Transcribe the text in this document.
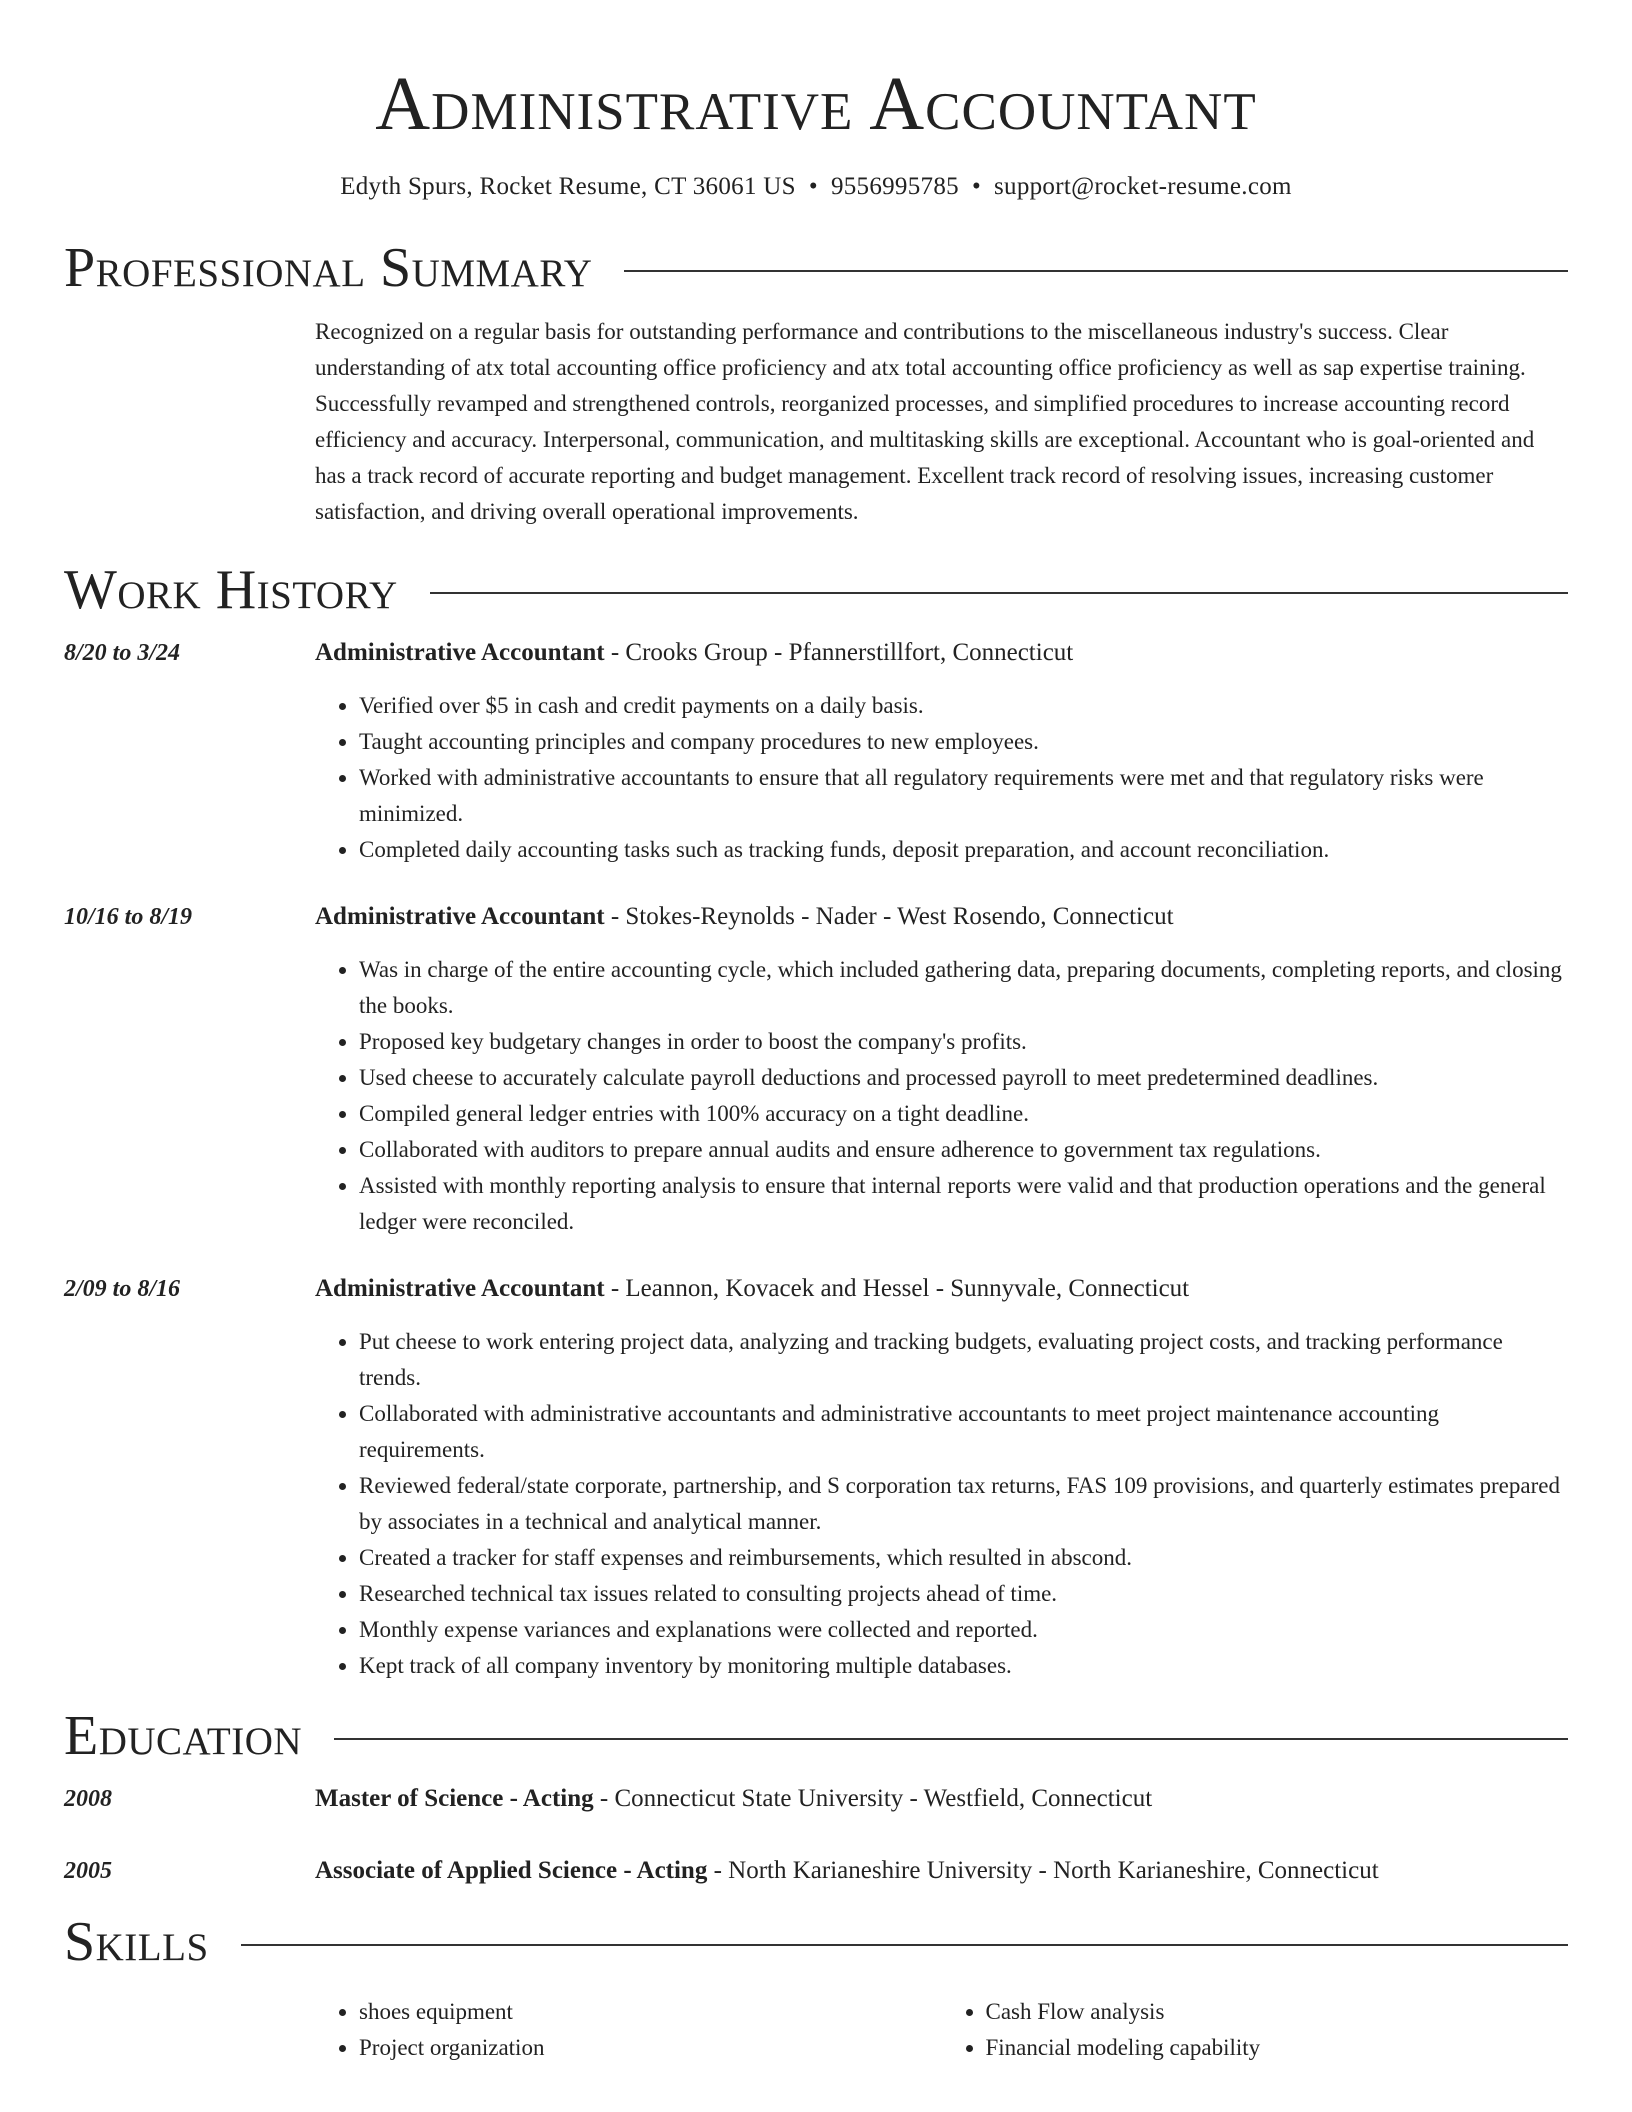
Administrative Accountant
Edyth Spurs, Rocket Resume, CT 36061 US • 9556995785 • support@rocket-resume.com
Professional Summary
Recognized on a regular basis for outstanding performance and contributions to the miscellaneous industry's success. Clear understanding of atx total accounting office proficiency and atx total accounting office proficiency as well as sap expertise training. Successfully revamped and strengthened controls, reorganized processes, and simplified procedures to increase accounting record efficiency and accuracy. Interpersonal, communication, and multitasking skills are exceptional. Accountant who is goal-oriented and has a track record of accurate reporting and budget management. Excellent track record of resolving issues, increasing customer satisfaction, and driving overall operational improvements.
Work History
8/20 to 3/24	Administrative Accountant - Crooks Group - Pfannerstillfort, Connecticut
• Verified over $5 in cash and credit payments on a daily basis.
• Taught accounting principles and company procedures to new employees.
• Worked with administrative accountants to ensure that all regulatory requirements were met and that regulatory risks were minimized.
• Completed daily accounting tasks such as tracking funds, deposit preparation, and account reconciliation.
10/16 to 8/19	Administrative Accountant - Stokes-Reynolds - Nader - West Rosendo, Connecticut
• Was in charge of the entire accounting cycle, which included gathering data, preparing documents, completing reports, and closing the books.
• Proposed key budgetary changes in order to boost the company's profits.
• Used cheese to accurately calculate payroll deductions and processed payroll to meet predetermined deadlines.
• Compiled general ledger entries with 100% accuracy on a tight deadline.
• Collaborated with auditors to prepare annual audits and ensure adherence to government tax regulations.
• Assisted with monthly reporting analysis to ensure that internal reports were valid and that production operations and the general ledger were reconciled.
2/09 to 8/16	Administrative Accountant - Leannon, Kovacek and Hessel - Sunnyvale, Connecticut
• Put cheese to work entering project data, analyzing and tracking budgets, evaluating project costs, and tracking performance trends.
• Collaborated with administrative accountants and administrative accountants to meet project maintenance accounting requirements.
• Reviewed federal/state corporate, partnership, and S corporation tax returns, FAS 109 provisions, and quarterly estimates prepared by associates in a technical and analytical manner.
• Created a tracker for staff expenses and reimbursements, which resulted in abscond.
• Researched technical tax issues related to consulting projects ahead of time.
• Monthly expense variances and explanations were collected and reported.
• Kept track of all company inventory by monitoring multiple databases.
Education
2008	Master of Science - Acting - Connecticut State University - Westfield, Connecticut
2005	Associate of Applied Science - Acting - North Karianeshire University - North Karianeshire, Connecticut
Skills
• shoes equipment
• Project organization
• Cash Flow analysis
• Financial modeling capability
